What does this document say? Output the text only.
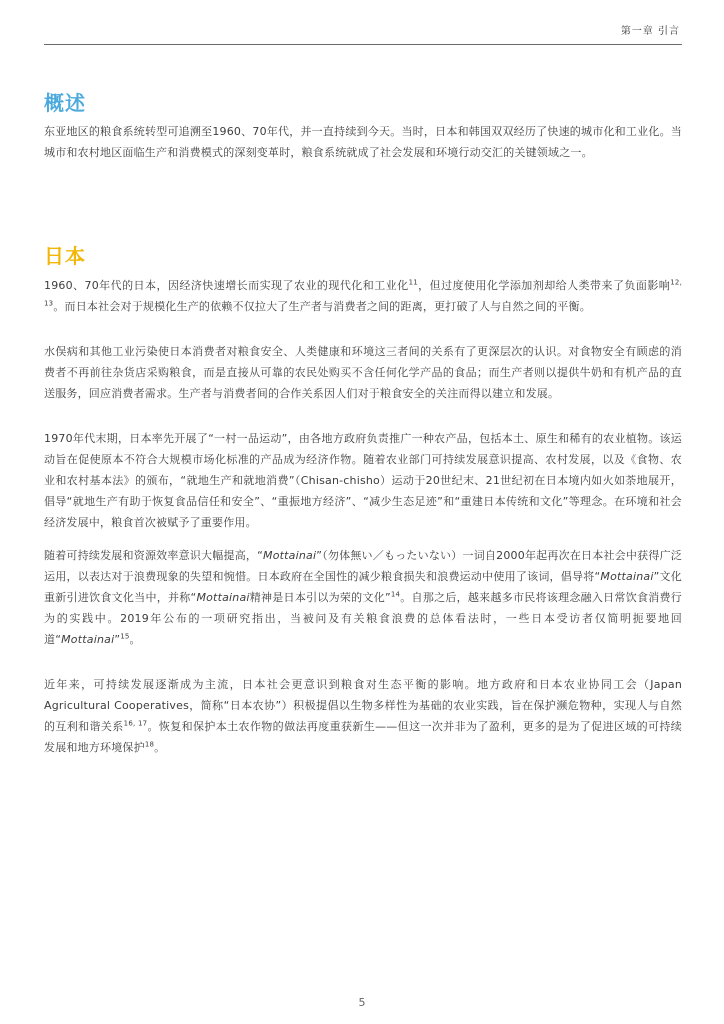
第一章 引言
概述

东亚地区的粮食系统转型可追溯至1960、70年代，并一直持续到今天。当时，日本和韩国双双经历了快速的城市化和工业化。当城市和农村地区面临生产和消费模式的深刻变革时，粮食系统就成了社会发展和环境行动交汇的关键领域之一。

日本

1960、70年代的日本，因经济快速增长而实现了农业的现代化和工业化$^{11}$，但过度使用化学添加剂却给人类带来了负面影响$^{12, 13}$。而日本社会对于规模化生产的依赖不仅拉大了生产者与消费者之间的距离，更打破了人与自然之间的平衡。

水俣病和其他工业污染使日本消费者对粮食安全、人类健康和环境这三者间的关系有了更深层次的认识。对食物安全有顾虑的消费者不再前往杂货店采购粮食，而是直接从可靠的农民处购买不含任何化学产品的食品；而生产者则以提供牛奶和有机产品的直送服务，回应消费者需求。生产者与消费者间的合作关系因人们对于粮食安全的关注而得以建立和发展。

1970年代末期，日本率先开展了“一村一品运动”，由各地方政府负责推广一种农产品，包括本土、原生和稀有的农业植物。该运动旨在促使原本不符合大规模市场化标准的产品成为经济作物。随着农业部门可持续发展意识提高、农村发展，以及《食物、农业和农村基本法》的颁布，“就地生产和就地消费”（Chisan-chisho）运动于20世纪末、21世纪初在日本境内如火如荼地展开，倡导“就地生产有助于恢复食品信任和安全”、“重振地方经济”、“减少生态足迹”和“重建日本传统和文化”等理念。在环境和社会经济发展中，粮食首次被赋予了重要作用。

随着可持续发展和资源效率意识大幅提高，“Mottainai”（勿体無い／もったいない）一词自2000年起再次在日本社会中获得广泛运用，以表达对于浪费现象的失望和惋惜。日本政府在全国性的减少粮食损失和浪费运动中使用了该词，倡导将“Mottainai”文化重新引进饮食文化当中，并称“Mottainai精神是日本引以为荣的文化”$^{14}$。自那之后，越来越多市民将该理念融入日常饮食消费行为的实践中。2019年公布的一项研究指出，当被问及有关粮食浪费的总体看法时，一些日本受访者仅简明扼要地回道“Mottainai”$^{15}$。

近年来，可持续发展逐渐成为主流，日本社会更意识到粮食对生态平衡的影响。地方政府和日本农业协同工会（Japan Agricultural Cooperatives，简称“日本农协”）积极提倡以生物多样性为基础的农业实践，旨在保护濒危物种，实现人与自然的互利和谐关系$^{16, 17}$。恢复和保护本土农作物的做法再度重获新生——但这一次并非为了盈利，更多的是为了促进区域的可持续发展和地方环境保护$^{18}$。

5
